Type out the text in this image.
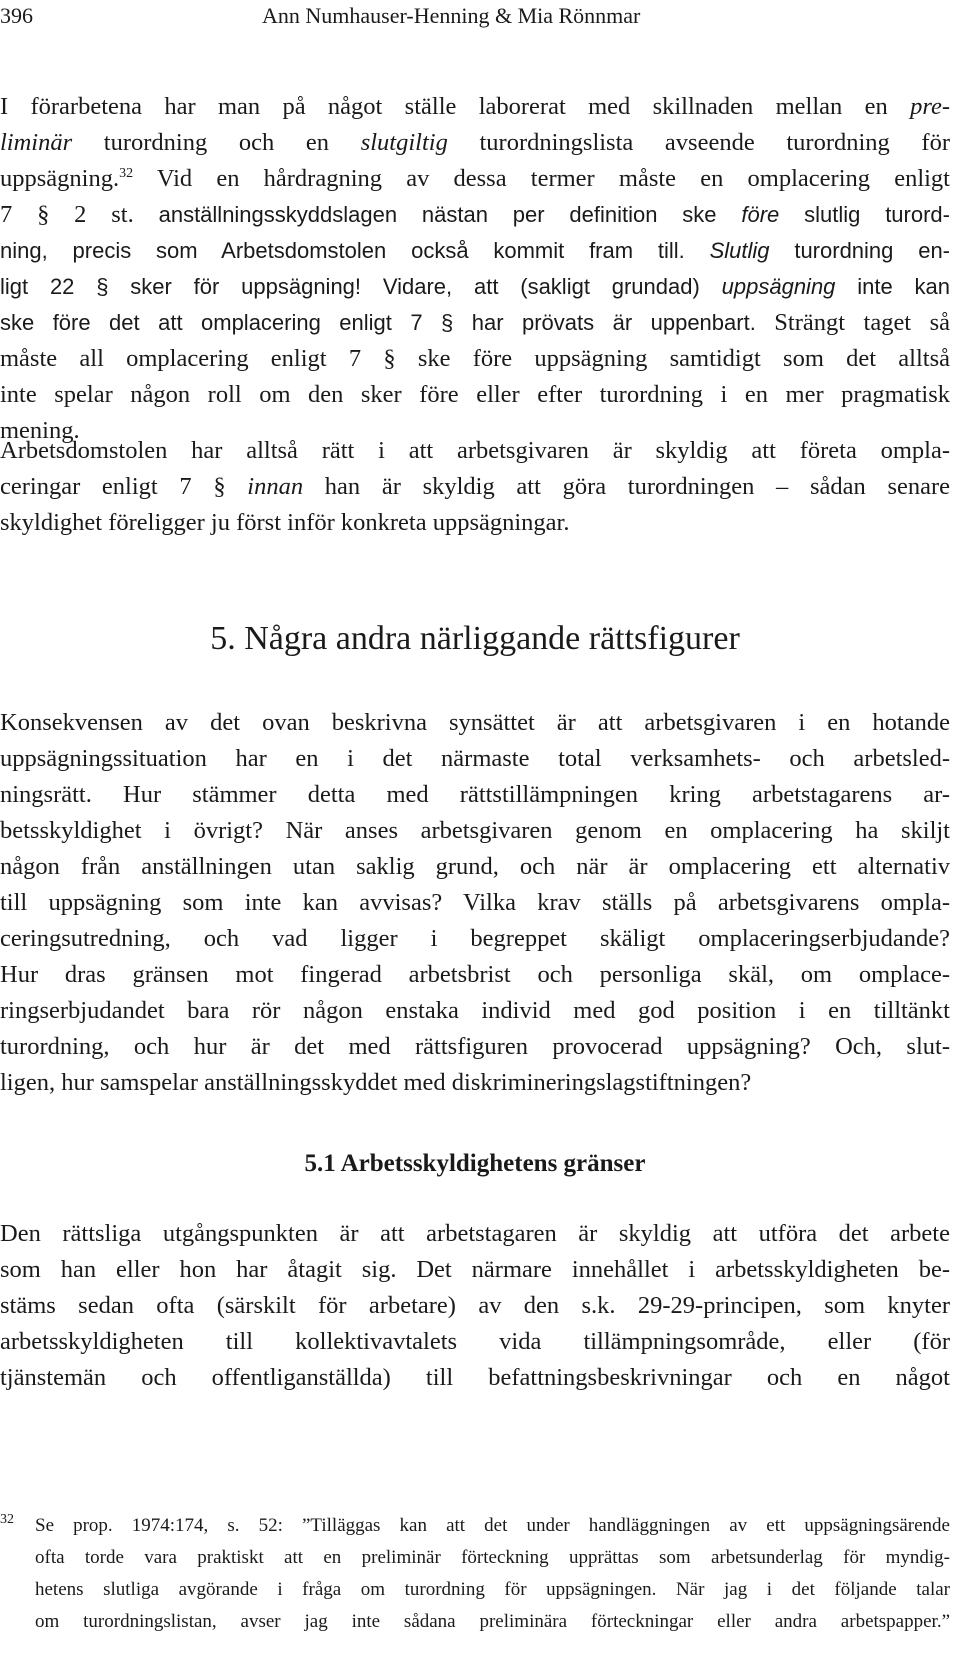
396	Ann Numhauser-Henning & Mia Rönnmar
I förarbetena har man på något ställe laborerat med skillnaden mellan en pre-
liminär turordning och en slutgiltig turordningslista avseende turordning för
uppsägning.$^{32}$ Vid en hårdragning av dessa termer måste en omplacering enligt
7 § 2 st. anställningsskyddslagen nästan per definition ske före slutlig turord-
ning, precis som Arbetsdomstolen också kommit fram till. Slutlig turordning en-
ligt 22 § sker för uppsägning! Vidare, att (sakligt grundad) uppsägning inte kan
ske före det att omplacering enligt 7 § har prövats är uppenbart. Strängt taget så
måste all omplacering enligt 7 § ske före uppsägning samtidigt som det alltså
inte spelar någon roll om den sker före eller efter turordning i en mer pragmatisk
mening.
Arbetsdomstolen har alltså rätt i att arbetsgivaren är skyldig att företa ompla-
ceringar enligt 7 § innan han är skyldig att göra turordningen – sådan senare
skyldighet föreligger ju först inför konkreta uppsägningar.
5. Några andra närliggande rättsfigurer
Konsekvensen av det ovan beskrivna synsättet är att arbetsgivaren i en hotande
uppsägningssituation har en i det närmaste total verksamhets- och arbetsled-
ningsrätt. Hur stämmer detta med rättstillämpningen kring arbetstagarens ar-
betsskyldighet i övrigt? När anses arbetsgivaren genom en omplacering ha skiljt
någon från anställningen utan saklig grund, och när är omplacering ett alternativ
till uppsägning som inte kan avvisas? Vilka krav ställs på arbetsgivarens ompla-
ceringsutredning, och vad ligger i begreppet skäligt omplaceringserbjudande?
Hur dras gränsen mot fingerad arbetsbrist och personliga skäl, om omplace-
ringserbjudandet bara rör någon enstaka individ med god position i en tilltänkt
turordning, och hur är det med rättsfiguren provocerad uppsägning? Och, slut-
ligen, hur samspelar anställningsskyddet med diskrimineringslagstiftningen?
5.1 Arbetsskyldighetens gränser
Den rättsliga utgångspunkten är att arbetstagaren är skyldig att utföra det arbete
som han eller hon har åtagit sig. Det närmare innehållet i arbetsskyldigheten be-
stäms sedan ofta (särskilt för arbetare) av den s.k. 29-29-principen, som knyter
arbetsskyldigheten till kollektivavtalets vida tillämpningsområde, eller (för
tjänstemän och offentliganställda) till befattningsbeskrivningar och en något
32 Se prop. 1974:174, s. 52: ”Tilläggas kan att det under handläggningen av ett uppsägningsärende
ofta torde vara praktiskt att en preliminär förteckning upprättas som arbetsunderlag för myndig-
hetens slutliga avgörande i fråga om turordning för uppsägningen. När jag i det följande talar
om turordningslistan, avser jag inte sådana preliminära förteckningar eller andra arbetspapper.”
